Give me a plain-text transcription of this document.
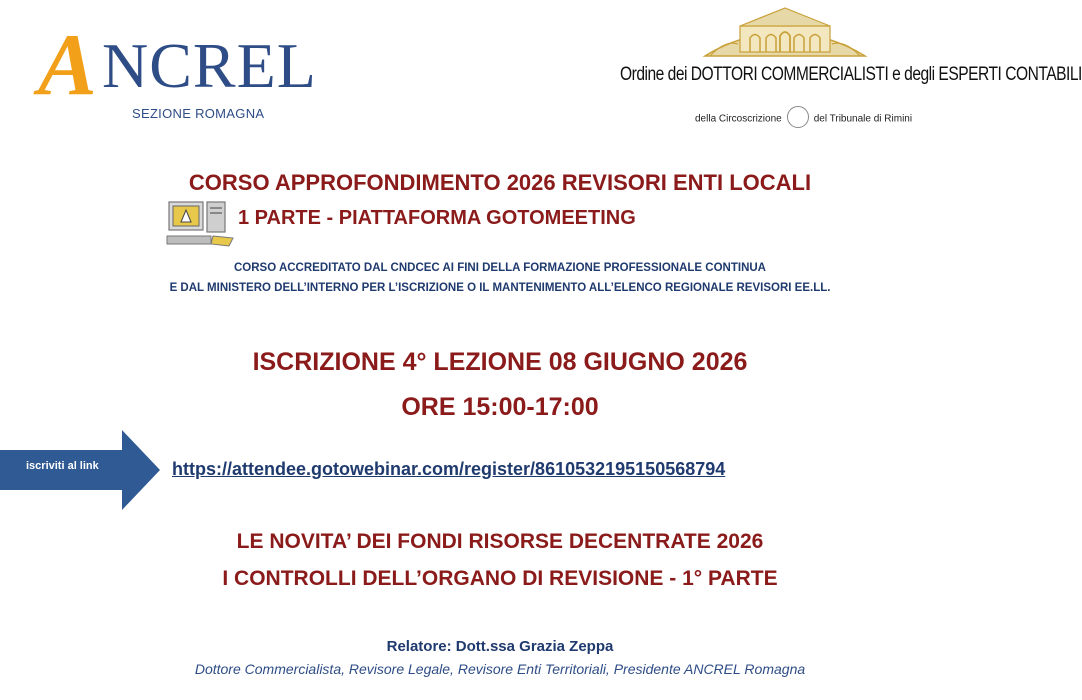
A NCREL
SEZIONE ROMAGNA
Ordine dei DOTTORI COMMERCIALISTI e degli ESPERTI CONTABILI
della Circoscrizione	del Tribunale di Rimini
CORSO APPROFONDIMENTO 2026 REVISORI ENTI LOCALI
1 PARTE - PIATTAFORMA GOTOMEETING
CORSO ACCREDITATO DAL CNDCEC AI FINI DELLA FORMAZIONE PROFESSIONALE CONTINUA
E DAL MINISTERO DELL’INTERNO PER L’ISCRIZIONE O IL MANTENIMENTO ALL’ELENCO REGIONALE REVISORI EE.LL.
ISCRIZIONE 4° LEZIONE 08 GIUGNO 2026
ORE 15:00-17:00
iscriviti al link	https://attendee.gotowebinar.com/register/8610532195150568794
LE NOVITA’ DEI FONDI RISORSE DECENTRATE 2026
I CONTROLLI DELL’ORGANO DI REVISIONE - 1° PARTE
Relatore: Dott.ssa Grazia Zeppa
Dottore Commercialista, Revisore Legale, Revisore Enti Territoriali, Presidente ANCREL Romagna
